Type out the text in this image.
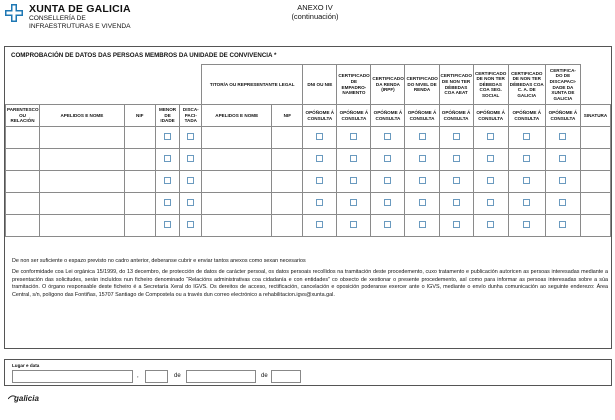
XUNTA DE GALICIA
CONSELLERÍA DE
INFRAESTRUTURAS E VIVENDA
ANEXO IV
(continuación)
COMPROBACIÓN DE DATOS DAS PERSOAS MEMBROS DA UNIDADE DE CONVIVENCIA *
					TITOR/A OU REPRESENTANTE LEGAL		DNI OU NIE	CERTIFICADO DE EMPADRO-NAMENTO	CERTIFICADO DA RENDA (IRPF)	CERTIFICADO DO NIVEL DE RENDA	CERTIFICADO DE NON TER DÉBEDAS COA AEAT	CERTIFICADO DE NON TER DÉBEDAS COA SEG. SOCIAL	CERTIFICADO DE NON TER DÉBEDAS COA C. A. DE GALICIA	CERTIFICA-DO DE DISCAPACI-DADE DA XUNTA DE GALICIA	
PARENTESCO OU RELACIÓN	APELIDOS E NOME	NIF	MENOR DE IDADE	DISCA-PACI-TADA	APELIDOS E NOME	NIF	OPÓÑOME Á CONSULTA	OPÓÑOME Á CONSULTA	OPÓÑOME Á CONSULTA	OPÓÑOME Á CONSULTA	OPÓÑOME Á CONSULTA	OPÓÑOME Á CONSULTA	OPÓÑOME Á CONSULTA	OPÓÑOME Á CONSULTA	SINATURA

De non ser suficiente o espazo previsto no cadro anterior, deberanse cubrir e enviar tantos anexos como sexan necesarios
De conformidade coa Lei orgánica 15/1999, do 13 decembro, de protección de datos de carácter persoal, os datos persoais recollidos na tramitación deste procedemento, cuxo tratamento e publicación autoricen as persoas interesadas mediante a presentación das solicitudes, serán incluídos nun ficheiro denominado “Relacións administrativas coa cidadanía e con entidades” co obxecto de xestionar o presente procedemento, así como para informar as persoas interesadas sobre a súa tramitación. O órgano responsable deste ficheiro é a Secretaría Xeral do IGVS. Os dereitos de acceso, rectificación, cancelación e oposición poderanse exercer ante o IGVS, mediante o envío dunha comunicación ao seguinte enderezo: Área Central, s/n, polígono das Fontiñas, 15707 Santiago de Compostela ou a través dun correo electrónico a rehabilitacion.igvs@xunta.gal.
Lugar e data
,	de	de
galicia
